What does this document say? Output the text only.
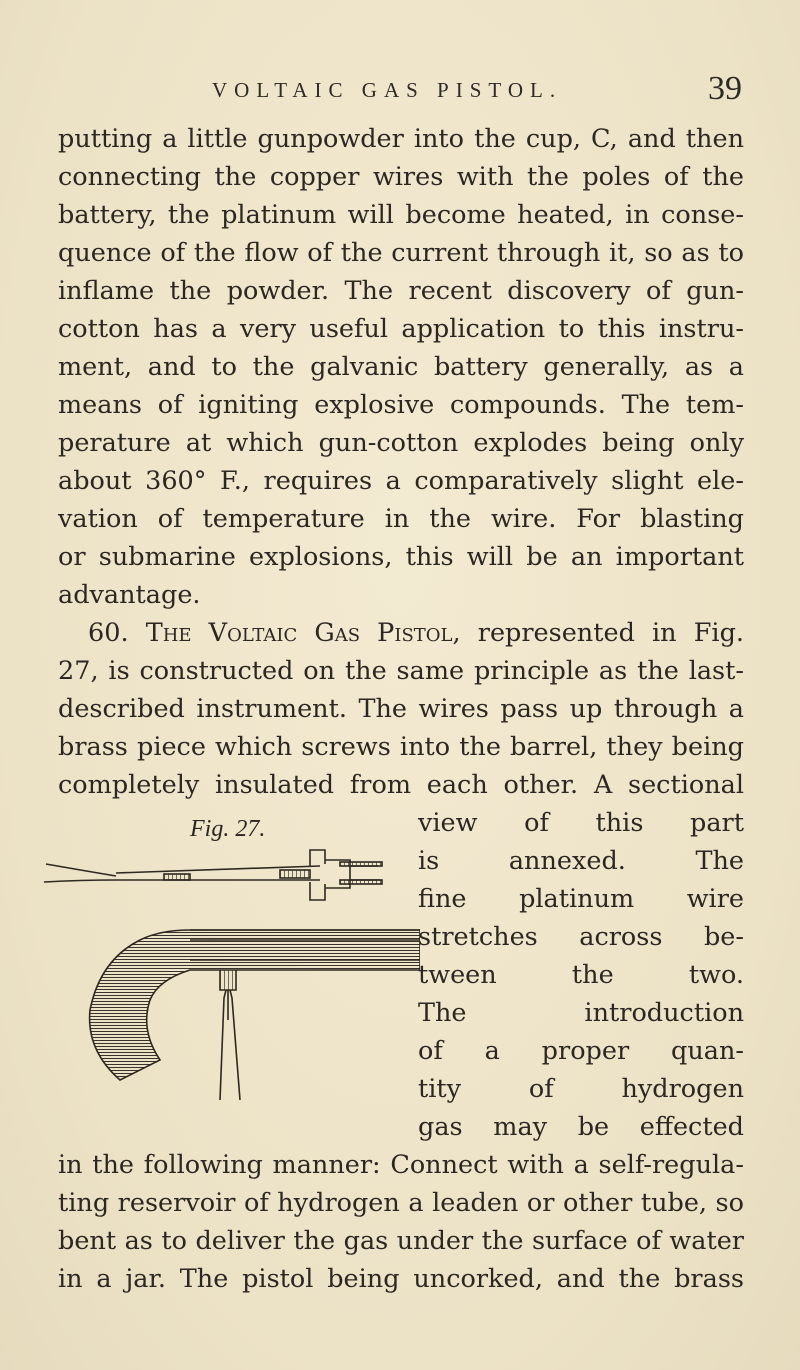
VOLTAIC GAS PISTOL.	39
putting a little gunpowder into the cup, C, and then
connecting the copper wires with the poles of the
battery, the platinum will become heated, in conse-
quence of the flow of the current through it, so as to
inflame the powder. The recent discovery of gun-
cotton has a very useful application to this instru-
ment, and to the galvanic battery generally, as a
means of igniting explosive compounds. The tem-
perature at which gun-cotton explodes being only
about 360° F., requires a comparatively slight ele-
vation of temperature in the wire. For blasting
or submarine explosions, this will be an important
advantage.
60. The Voltaic Gas Pistol, represented in Fig.
27, is constructed on the same principle as the last-
described instrument. The wires pass up through a
brass piece which screws into the barrel, they being
completely insulated from each other. A sectional
Fig. 27.	view of this part
is annexed. The
fine platinum wire
stretches across be-
tween the two.
The introduction
of a proper quan-
tity of hydrogen
gas may be effected
in the following manner: Connect with a self-regula-
ting reservoir of hydrogen a leaden or other tube, so
bent as to deliver the gas under the surface of water
in a jar. The pistol being uncorked, and the brass
